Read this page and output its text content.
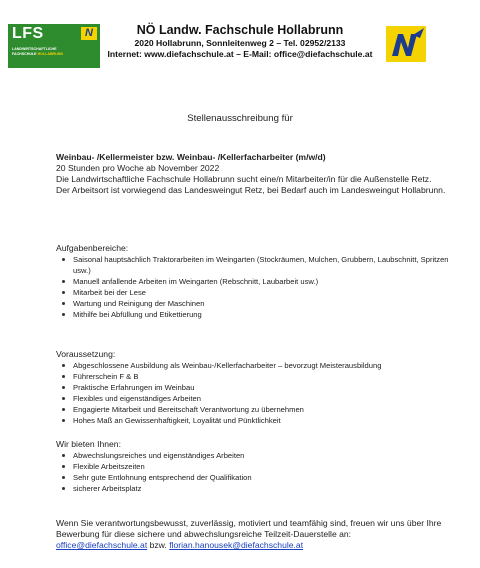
LFS	N
LANDWIRTSCHAFTLICHE
FACHSCHULE HOLLABRUNN
NÖ Landw. Fachschule Hollabrunn
2020 Hollabrunn, Sonnleitenweg 2 – Tel. 02952/2133
Internet: www.diefachschule.at – E-Mail: office@diefachschule.at
Stellenausschreibung für

Weinbau- /Kellermeister bzw. Weinbau- /Kellerfacharbeiter (m/w/d)

20 Stunden pro Woche ab November 2022

Die Landwirtschaftliche Fachschule Hollabrunn sucht eine/n Mitarbeiter/in für die Außenstelle Retz.

Der Arbeitsort ist vorwiegend das Landesweingut Retz, bei Bedarf auch im Landesweingut Hollabrunn.

Aufgabenbereiche:

Saisonal hauptsächlich Traktorarbeiten im Weingarten (Stockräumen, Mulchen, Grubbern, Laubschnitt, Spritzen usw.)
Manuell anfallende Arbeiten im Weingarten (Rebschnitt, Laubarbeit usw.)
Mitarbeit bei der Lese
Wartung und Reinigung der Maschinen
Mithilfe bei Abfüllung und Etikettierung

Voraussetzung:

Abgeschlossene Ausbildung als Weinbau-/Kellerfacharbeiter – bevorzugt Meisterausbildung
Führerschein F & B
Praktische Erfahrungen im Weinbau
Flexibles und eigenständiges Arbeiten
Engagierte Mitarbeit und Bereitschaft Verantwortung zu übernehmen
Hohes Maß an Gewissenhaftigkeit, Loyalität und Pünktlichkeit

Wir bieten Ihnen:

Abwechslungsreiches und eigenständiges Arbeiten
Flexible Arbeitszeiten
Sehr gute Entlohnung entsprechend der Qualifikation
sicherer Arbeitsplatz

Wenn Sie verantwortungsbewusst, zuverlässig, motiviert und teamfähig sind, freuen wir uns über Ihre Bewerbung für diese sichere und abwechslungsreiche Teilzeit-Dauerstelle an:

office@diefachschule.at bzw. florian.hanousek@diefachschule.at
